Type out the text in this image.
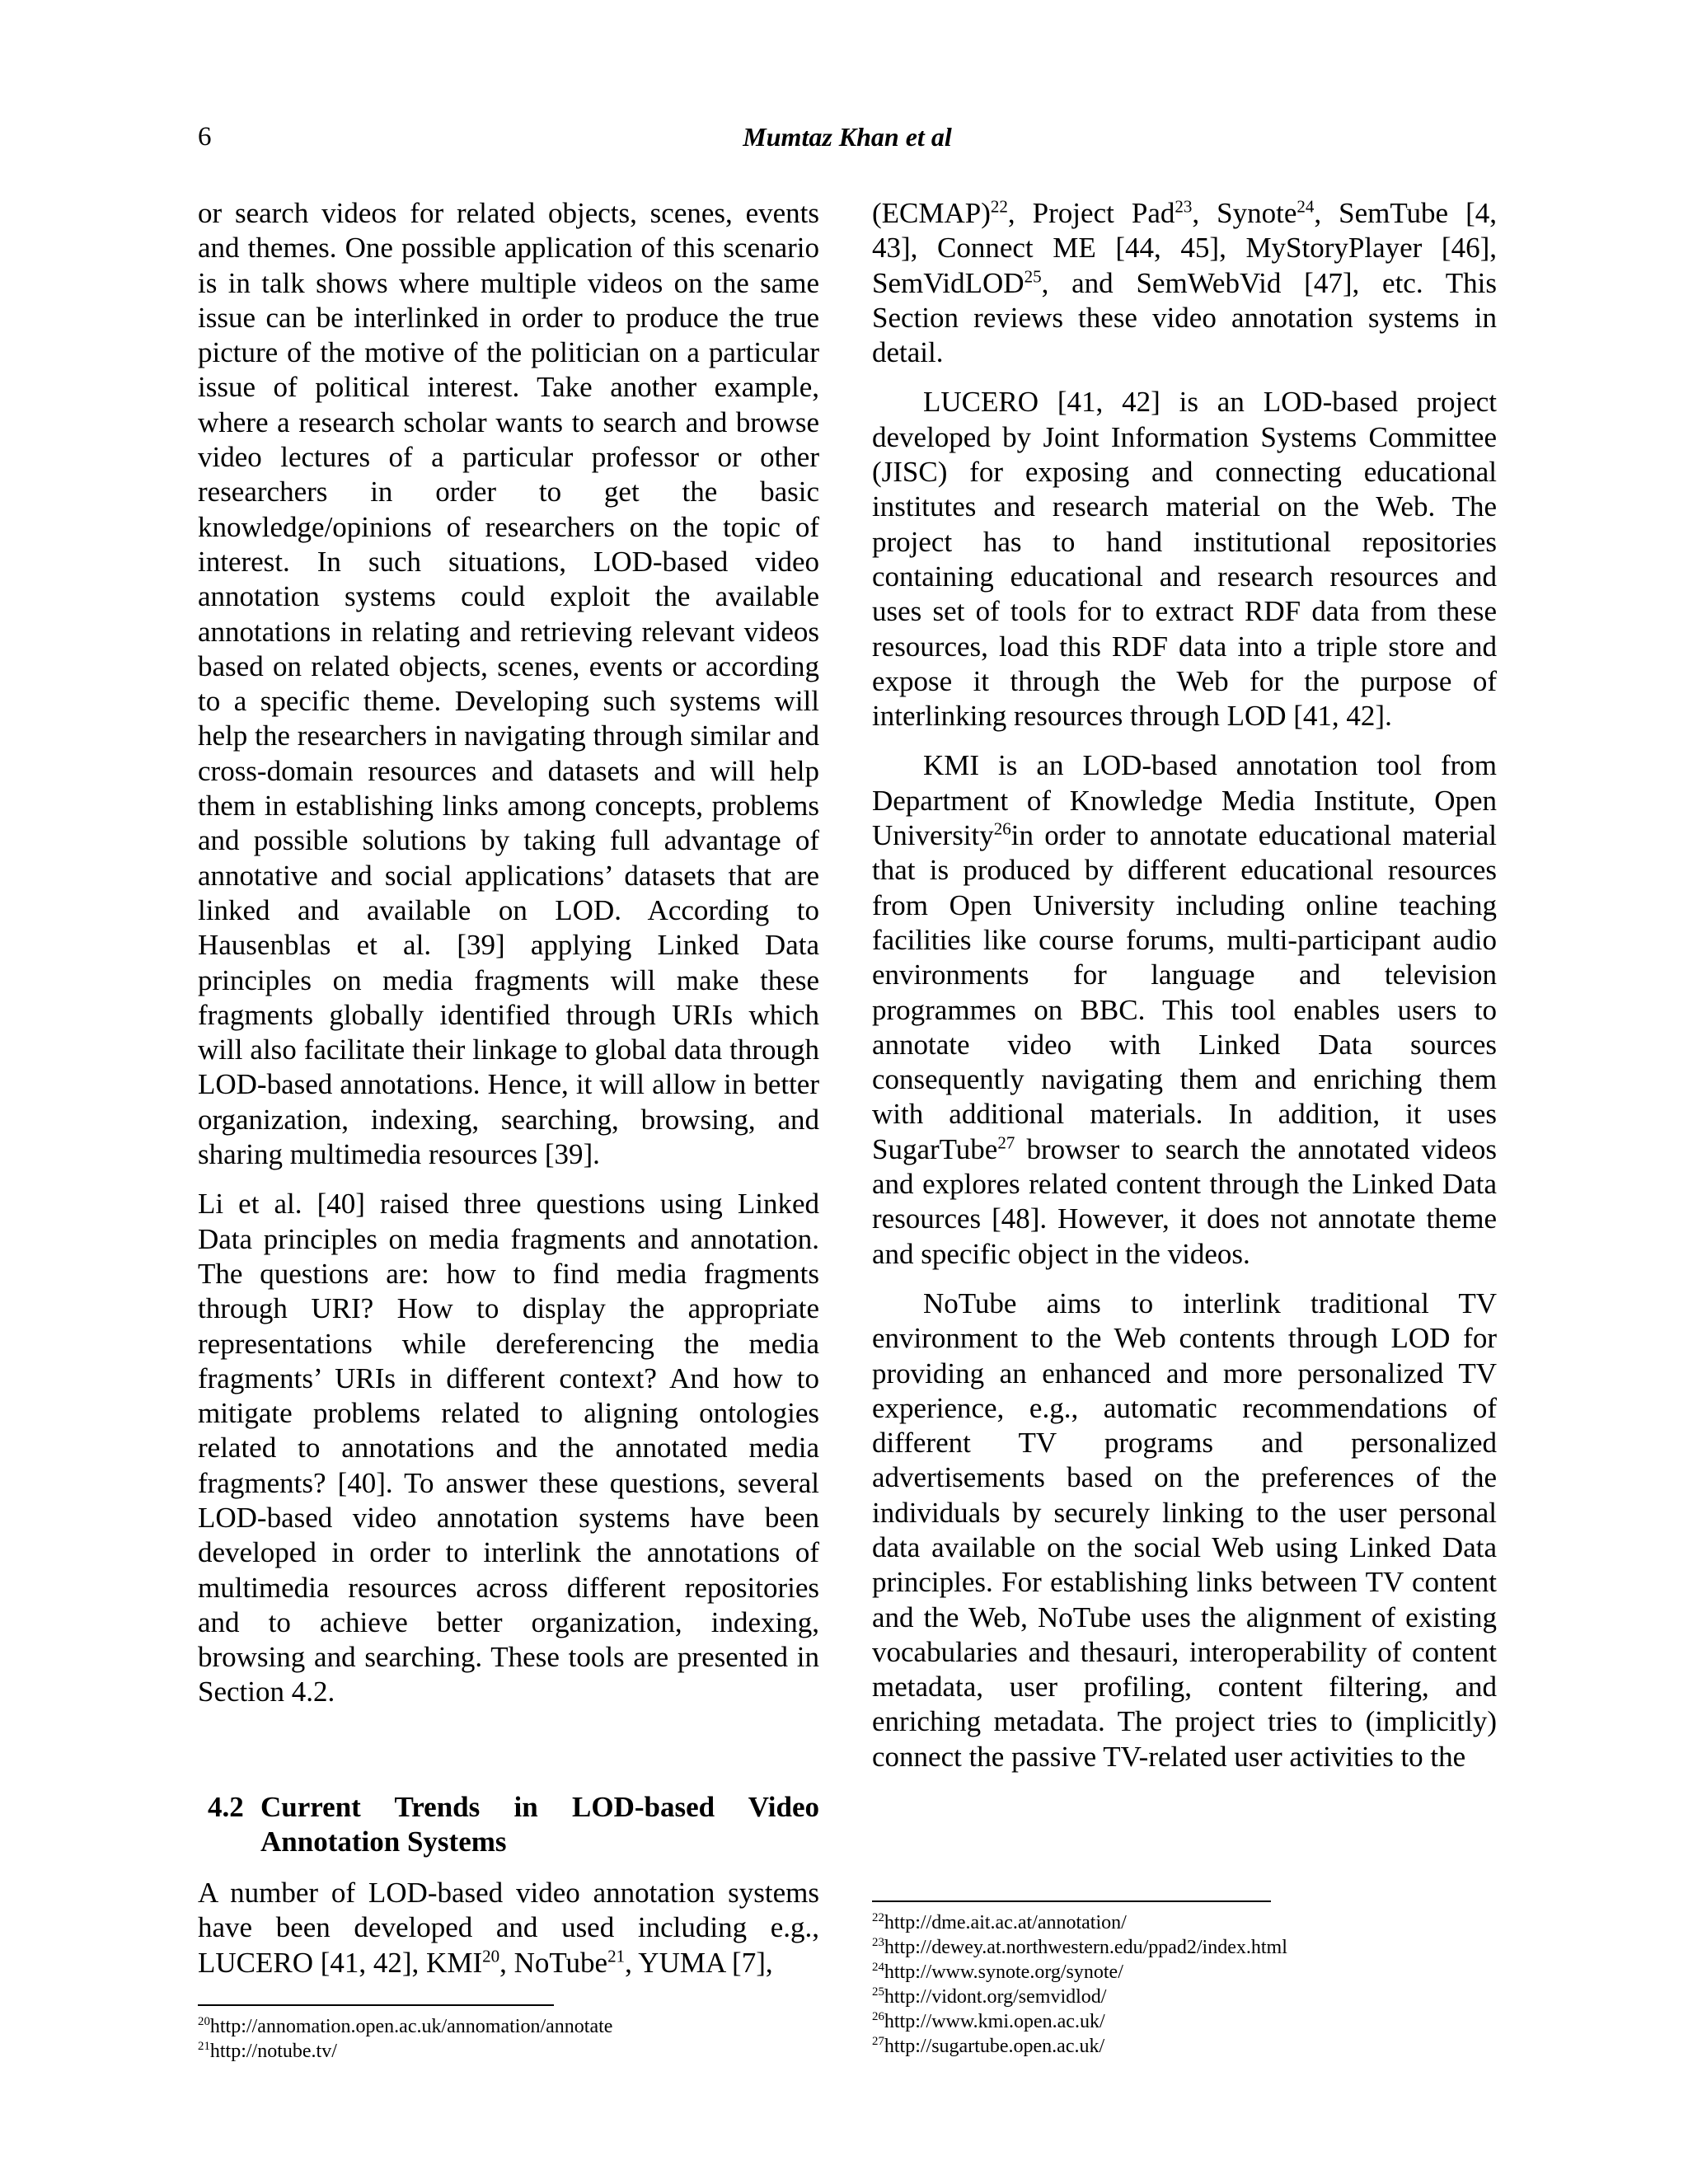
6	Mumtaz Khan et al

or search videos for related objects, scenes, events and themes. One possible application of this scenario is in talk shows where multiple videos on the same issue can be interlinked in order to produce the true picture of the motive of the politician on a particular issue of political interest. Take another example, where a research scholar wants to search and browse video lectures of a particular professor or other researchers in order to get the basic knowledge/opinions of researchers on the topic of interest. In such situations, LOD-based video annotation systems could exploit the available annotations in relating and retrieving relevant videos based on related objects, scenes, events or according to a specific theme. Developing such systems will help the researchers in navigating through similar and cross-domain resources and datasets and will help them in establishing links among concepts, problems and possible solutions by taking full advantage of annotative and social applications’ datasets that are linked and available on LOD. According to Hausenblas et al. [39] applying Linked Data principles on media fragments will make these fragments globally identified through URIs which will also facilitate their linkage to global data through LOD-based annotations. Hence, it will allow in better organization, indexing, searching, browsing, and sharing multimedia resources [39].

Li et al. [40] raised three questions using Linked Data principles on media fragments and annotation. The questions are: how to find media fragments through URI? How to display the appropriate representations while dereferencing the media fragments’ URIs in different context? And how to mitigate problems related to aligning ontologies related to annotations and the annotated media fragments? [40]. To answer these questions, several LOD-based video annotation systems have been developed in order to interlink the annotations of multimedia resources across different repositories and to achieve better organization, indexing, browsing and searching. These tools are presented in Section 4.2.

4.2 Current Trends in LOD-based Video
Annotation Systems

A number of LOD-based video annotation systems have been developed and used including e.g., LUCERO [41, 42], KMI$^{20}$, NoTube$^{21}$, YUMA [7],

$^{20}$http://annomation.open.ac.uk/annomation/annotate
$^{21}$http://notube.tv/

(ECMAP)$^{22}$, Project Pad$^{23}$, Synote$^{24}$, SemTube [4, 43], Connect ME [44, 45], MyStoryPlayer [46], SemVidLOD$^{25}$, and SemWebVid [47], etc. This Section reviews these video annotation systems in detail.

LUCERO [41, 42] is an LOD-based project developed by Joint Information Systems Committee (JISC) for exposing and connecting educational institutes and research material on the Web. The project has to hand institutional repositories containing educational and research resources and uses set of tools for to extract RDF data from these resources, load this RDF data into a triple store and expose it through the Web for the purpose of interlinking resources through LOD [41, 42].

KMI is an LOD-based annotation tool from Department of Knowledge Media Institute, Open University$^{26}$in order to annotate educational material that is produced by different educational resources from Open University including online teaching facilities like course forums, multi-participant audio environments for language and television programmes on BBC. This tool enables users to annotate video with Linked Data sources consequently navigating them and enriching them with additional materials. In addition, it uses SugarTube$^{27}$ browser to search the annotated videos and explores related content through the Linked Data resources [48]. However, it does not annotate theme and specific object in the videos.

NoTube aims to interlink traditional TV environment to the Web contents through LOD for providing an enhanced and more personalized TV experience, e.g., automatic recommendations of different TV programs and personalized advertisements based on the preferences of the individuals by securely linking to the user personal data available on the social Web using Linked Data principles. For establishing links between TV content and the Web, NoTube uses the alignment of existing vocabularies and thesauri, interoperability of content metadata, user profiling, content filtering, and enriching metadata. The project tries to (implicitly) connect the passive TV-related user activities to the

$^{22}$http://dme.ait.ac.at/annotation/
$^{23}$http://dewey.at.northwestern.edu/ppad2/index.html
$^{24}$http://www.synote.org/synote/
$^{25}$http://vidont.org/semvidlod/
$^{26}$http://www.kmi.open.ac.uk/
$^{27}$http://sugartube.open.ac.uk/
